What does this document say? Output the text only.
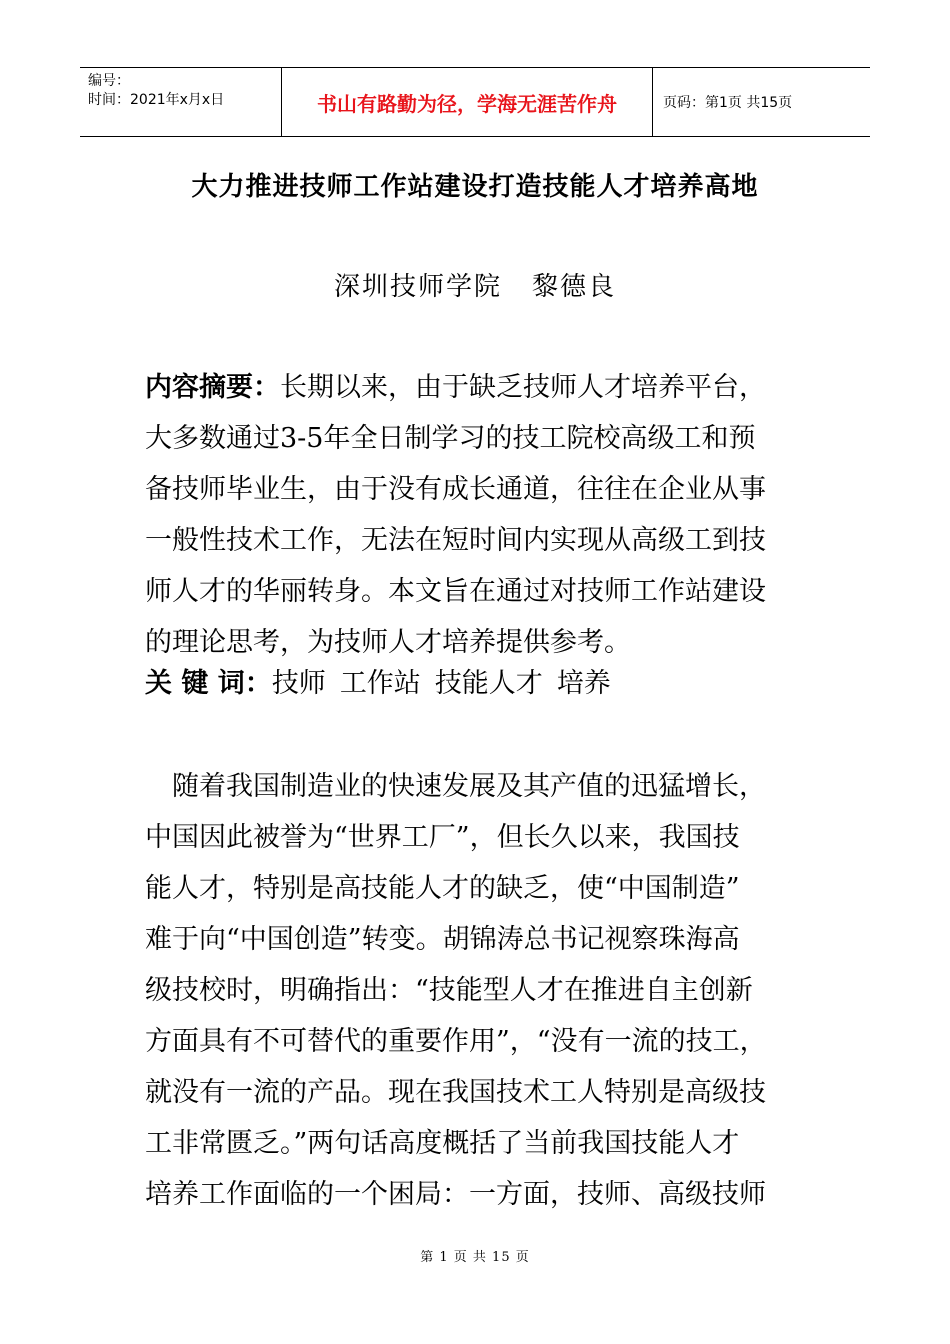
编号：
时间：2021年x月x日	书山有路勤为径，学海无涯苦作舟	页码：第1页 共15页
大力推进技师工作站建设打造技能人才培养高地
深圳技师学院 黎德良
内容摘要：长期以来，由于缺乏技师人才培养平台，
大多数通过3-5年全日制学习的技工院校高级工和预
备技师毕业生，由于没有成长通道，往往在企业从事
一般性技术工作，无法在短时间内实现从高级工到技
师人才的华丽转身。本文旨在通过对技师工作站建设
的理论思考，为技师人才培养提供参考。
关 键 词：技师 工作站 技能人才 培养
　随着我国制造业的快速发展及其产值的迅猛增长，
中国因此被誉为“世界工厂”，但长久以来，我国技
能人才，特别是高技能人才的缺乏，使“中国制造”
难于向“中国创造”转变。胡锦涛总书记视察珠海高
级技校时，明确指出：“技能型人才在推进自主创新
方面具有不可替代的重要作用”，“没有一流的技工，
就没有一流的产品。现在我国技术工人特别是高级技
工非常匮乏。”两句话高度概括了当前我国技能人才
培养工作面临的一个困局：一方面，技师、高级技师
第 1 页 共 15 页
